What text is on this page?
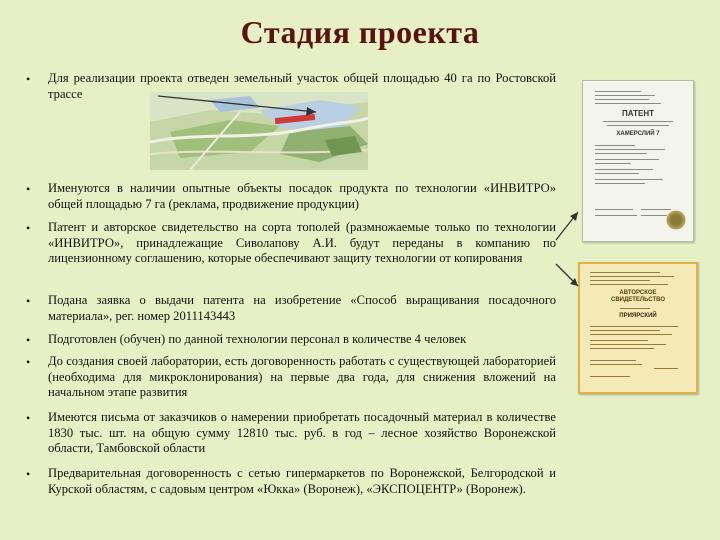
Стадия проекта
•	Для реализации проекта отведен земельный участок общей площадью 40 га по Ростовской трассе
•	Именуются в наличии опытные объекты посадок продукта по технологии «ИНВИТРО» общей площадью 7 га (реклама, продвижение продукции)
•	Патент и авторское свидетельство на сорта тополей (размножаемые только по технологии «ИНВИТРО», принадлежащие Сиволапову А.И. будут переданы в компанию по лицензионному соглашению, которые обеспечивают защиту технологии от копирования
•	Подана заявка о выдачи патента на изобретение «Способ выращивания посадочного материала», рег. номер 2011143443
•	Подготовлен (обучен) по данной технологии персонал в количестве 4 человек
•	До создания своей лаборатории, есть договоренность работать с существующей лабораторией (необходима для микроклонирования) на первые два года, для снижения вложений на начальном этапе развития
•	Имеются письма от заказчиков о намерении приобретать посадочный материал в количестве 1830 тыс. шт. на общую сумму 12810 тыс. руб. в год – лесное хозяйство Воронежской области, Тамбовской области
•	Предварительная договоренность с сетью гипермаркетов по Воронежской, Белгородской и Курской областям, с садовым центром «Юкка» (Воронеж), «ЭКСПОЦЕНТР» (Воронеж).
ПАТЕНТ
ХАМЕРСЛИЙ 7
АВТОРСКОЕ
СВИДЕТЕЛЬСТВО
ПРИЯРСКИЙ
